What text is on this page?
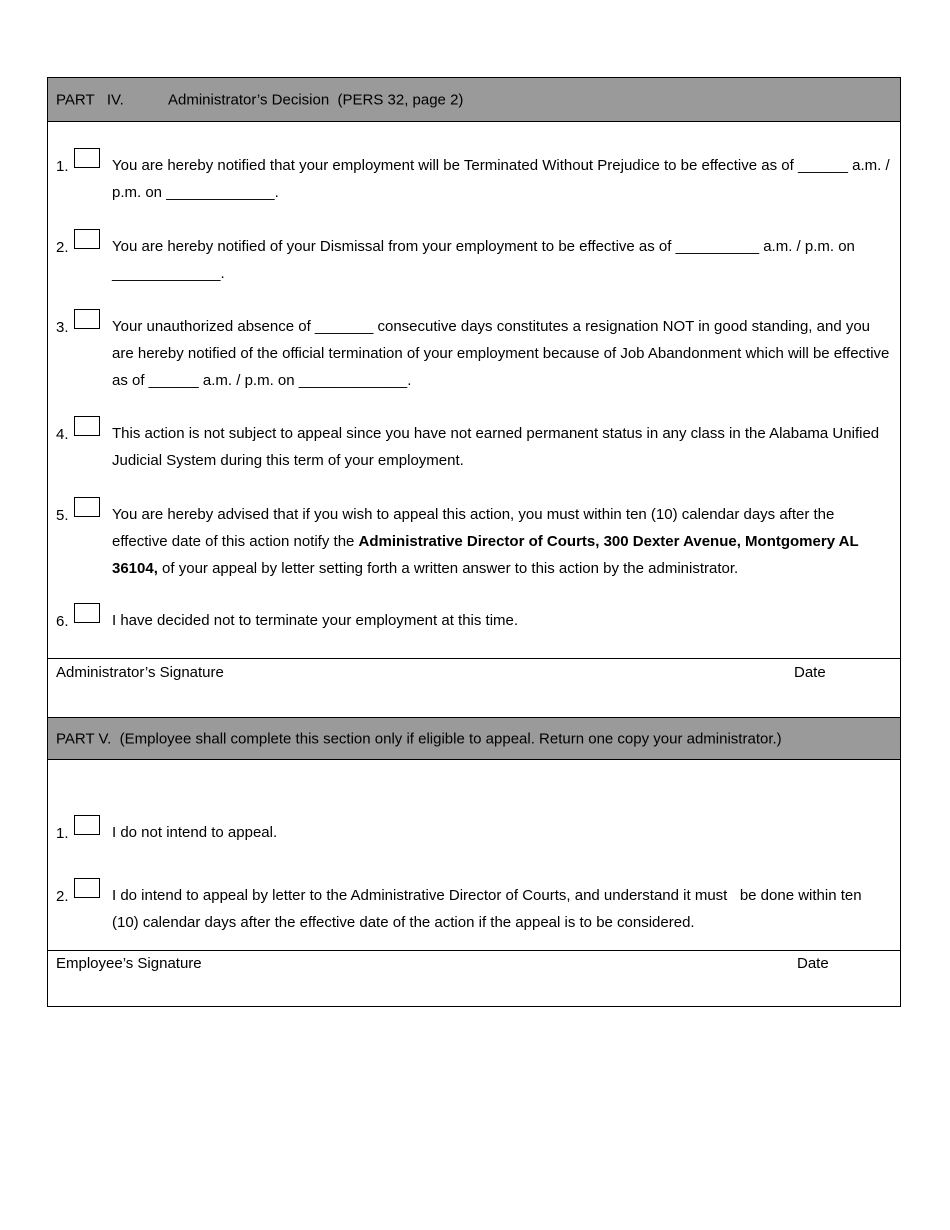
PART   IV.	Administrator’s Decision  (PERS 32, page 2)
1.	You are hereby notified that your employment will be Terminated Without Prejudice to be effective as of ______ a.m. / p.m. on _____________.
2.	You are hereby notified of your Dismissal from your employment to be effective as of __________ a.m. / p.m. on _____________.
3.	Your unauthorized absence of _______ consecutive days constitutes a resignation NOT in good standing, and you are hereby notified of the official termination of your employment because of Job Abandonment which will be effective as of ______ a.m. / p.m. on _____________.
4.	This action is not subject to appeal since you have not earned permanent status in any class in the Alabama Unified Judicial System during this term of your employment.
5.	You are hereby advised that if you wish to appeal this action, you must within ten (10) calendar days after the effective date of this action notify the Administrative Director of Courts, 300 Dexter Avenue, Montgomery AL 36104, of your appeal by letter setting forth a written answer to this action by the administrator.
6.	I have decided not to terminate your employment at this time.
Administrator’s Signature	Date
PART V.  (Employee shall complete this section only if eligible to appeal. Return one copy your administrator.)
1.	I do not intend to appeal.
2.	I do intend to appeal by letter to the Administrative Director of Courts, and understand it must   be done within ten (10) calendar days after the effective date of the action if the appeal is to be considered.
Employee’s Signature	Date
